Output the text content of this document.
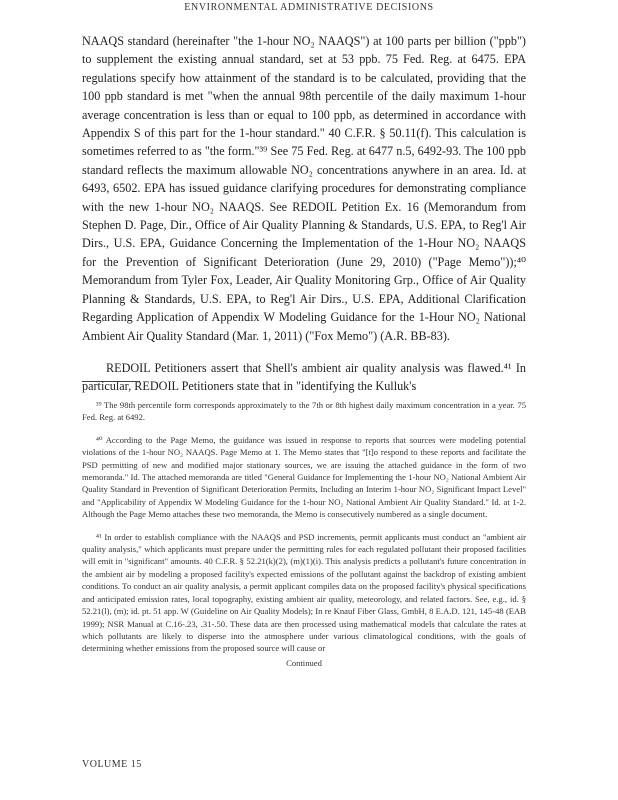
ENVIRONMENTAL ADMINISTRATIVE DECISIONS

NAAQS standard (hereinafter "the 1-hour NO₂ NAAQS") at 100 parts per billion ("ppb") to supplement the existing annual standard, set at 53 ppb. 75 Fed. Reg. at 6475. EPA regulations specify how attainment of the standard is to be calculated, providing that the 100 ppb standard is met "when the annual 98th percentile of the daily maximum 1-hour average concentration is less than or equal to 100 ppb, as determined in accordance with Appendix S of this part for the 1-hour standard." 40 C.F.R. § 50.11(f). This calculation is sometimes referred to as "the form."³⁹ See 75 Fed. Reg. at 6477 n.5, 6492-93. The 100 ppb standard reflects the maximum allowable NO₂ concentrations anywhere in an area. Id. at 6493, 6502. EPA has issued guidance clarifying procedures for demonstrating compliance with the new 1-hour NO₂ NAAQS. See REDOIL Petition Ex. 16 (Memorandum from Stephen D. Page, Dir., Office of Air Quality Planning & Standards, U.S. EPA, to Reg'l Air Dirs., U.S. EPA, Guidance Concerning the Implementation of the 1-Hour NO₂ NAAQS for the Prevention of Significant Deterioration (June 29, 2010) ("Page Memo"));⁴⁰ Memorandum from Tyler Fox, Leader, Air Quality Monitoring Grp., Office of Air Quality Planning & Standards, U.S. EPA, to Reg'l Air Dirs., U.S. EPA, Additional Clarification Regarding Application of Appendix W Modeling Guidance for the 1-Hour NO₂ National Ambient Air Quality Standard (Mar. 1, 2011) ("Fox Memo") (A.R. BB-83).

REDOIL Petitioners assert that Shell's ambient air quality analysis was flawed.⁴¹ In particular, REDOIL Petitioners state that in "identifying the Kulluk's

³⁹ The 98th percentile form corresponds approximately to the 7th or 8th highest daily maximum concentration in a year. 75 Fed. Reg. at 6492.

⁴⁰ According to the Page Memo, the guidance was issued in response to reports that sources were modeling potential violations of the 1-hour NO₂ NAAQS. Page Memo at 1. The Memo states that "[t]o respond to these reports and facilitate the PSD permitting of new and modified major stationary sources, we are issuing the attached guidance in the form of two memoranda." Id. The attached memoranda are titled "General Guidance for Implementing the 1-hour NO₂ National Ambient Air Quality Standard in Prevention of Significant Deterioration Permits, Including an Interim 1-hour NO₂ Significant Impact Level" and "Applicability of Appendix W Modeling Guidance for the 1-hour NO₂ National Ambient Air Quality Standard." Id. at 1-2. Although the Page Memo attaches these two memoranda, the Memo is consecutively numbered as a single document.

⁴¹ In order to establish compliance with the NAAQS and PSD increments, permit applicants must conduct an "ambient air quality analysis," which applicants must prepare under the permitting rules for each regulated pollutant their proposed facilities will emit in "significant" amounts. 40 C.F.R. § 52.21(k)(2), (m)(1)(i). This analysis predicts a pollutant's future concentration in the ambient air by modeling a proposed facility's expected emissions of the pollutant against the backdrop of existing ambient conditions. To conduct an air quality analysis, a permit applicant compiles data on the proposed facility's physical specifications and anticipated emission rates, local topography, existing ambient air quality, meteorology, and related factors. See, e.g., id. § 52.21(l), (m); id. pt. 51 app. W (Guideline on Air Quality Models); In re Knauf Fiber Glass, GmbH, 8 E.A.D. 121, 145-48 (EAB 1999); NSR Manual at C.16-.23, .31-.50. These data are then processed using mathematical models that calculate the rates at which pollutants are likely to disperse into the atmosphere under various climatological conditions, with the goals of determining whether emissions from the proposed source will cause or

Continued
VOLUME 15
